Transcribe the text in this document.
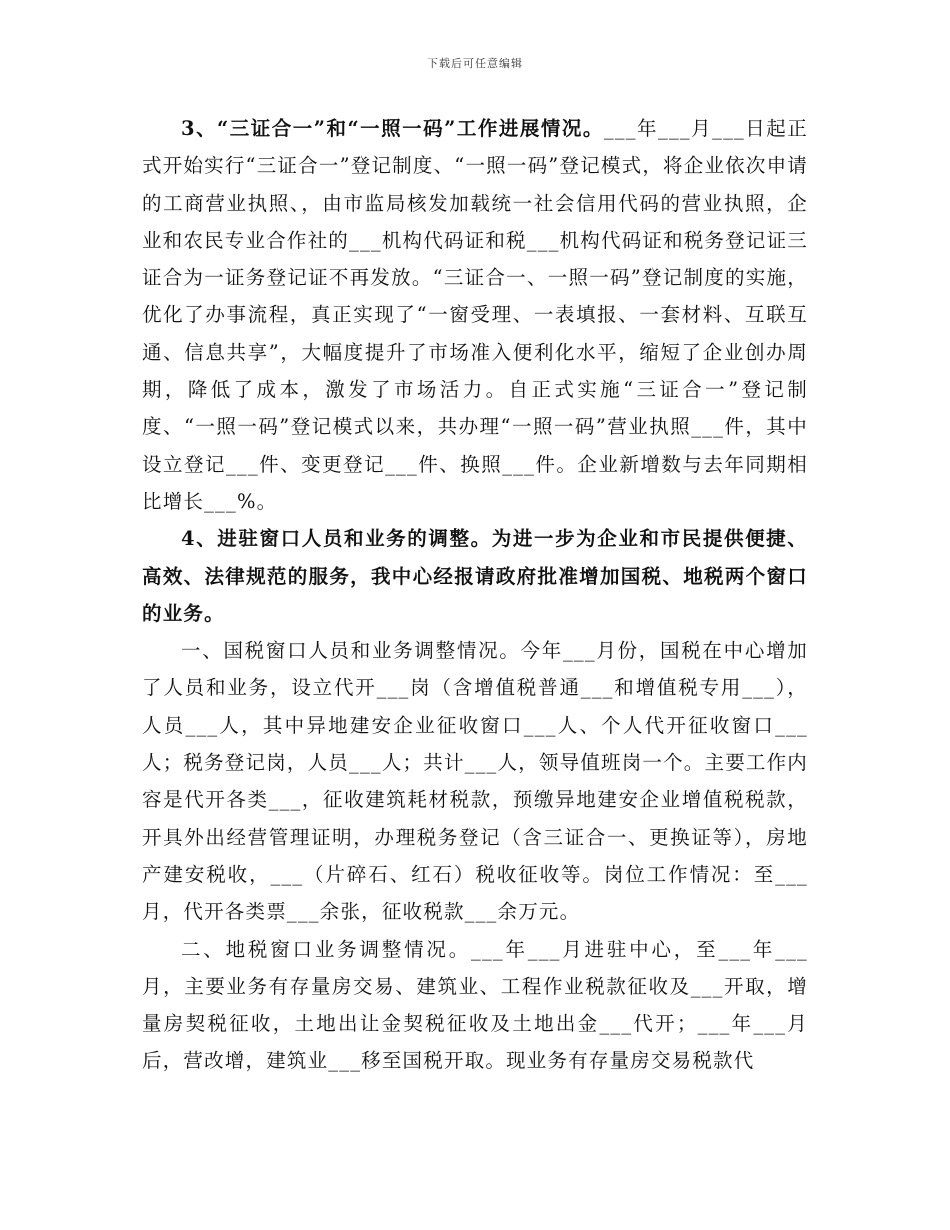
下载后可任意编辑

3、“三证合一”和“一照一码”工作进展情况。___年___月___日起正式开始实行“三证合一”登记制度、“一照一码”登记模式，将企业依次申请的工商营业执照、，由市监局核发加载统一社会信用代码的营业执照，企业和农民专业合作社的___机构代码证和税___机构代码证和税务登记证三证合为一证务登记证不再发放。“三证合一、一照一码”登记制度的实施，优化了办事流程，真正实现了“一窗受理、一表填报、一套材料、互联互通、信息共享”，大幅度提升了市场准入便利化水平，缩短了企业创办周期，降低了成本，激发了市场活力。自正式实施“三证合一”登记制度、“一照一码”登记模式以来，共办理“一照一码”营业执照___件，其中设立登记___件、变更登记___件、换照___件。企业新增数与去年同期相比增长___%。

4、进驻窗口人员和业务的调整。为进一步为企业和市民提供便捷、高效、法律规范的服务，我中心经报请政府批准增加国税、地税两个窗口的业务。

一、国税窗口人员和业务调整情况。今年___月份，国税在中心增加了人员和业务，设立代开___岗（含增值税普通___和增值税专用___），人员___人，其中异地建安企业征收窗口___人、个人代开征收窗口___人；税务登记岗，人员___人；共计___人，领导值班岗一个。主要工作内容是代开各类___，征收建筑耗材税款，预缴异地建安企业增值税税款，开具外出经营管理证明，办理税务登记（含三证合一、更换证等），房地产建安税收，___（片碎石、红石）税收征收等。岗位工作情况：至___月，代开各类票___余张，征收税款___余万元。

二、地税窗口业务调整情况。___年___月进驻中心，至___年___月，主要业务有存量房交易、建筑业、工程作业税款征收及___开取，增量房契税征收，土地出让金契税征收及土地出金___代开；___年___月后，营改增，建筑业___移至国税开取。现业务有存量房交易税款代
